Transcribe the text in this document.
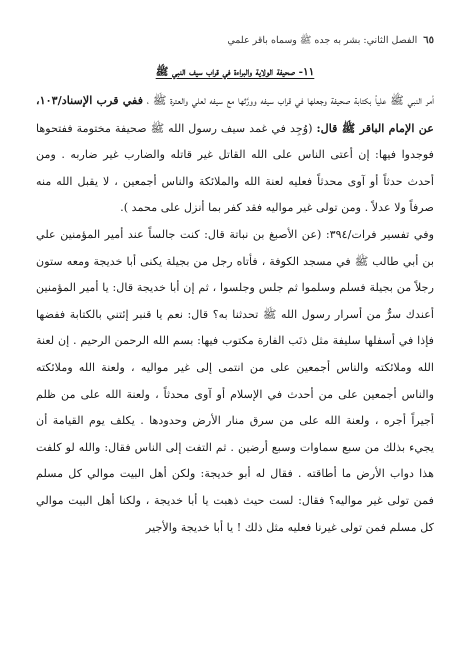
٦٥
الفصل الثاني: بشر به جده ﷺ وسماه باقر علمي
١١- صحيفة الولاية والبراءة في قراب سيف النبي ﷺ

أمر النبي ﷺ علياً بكتابة صحيفة وجعلها في قراب سيفه وورَّثها مع سيفه لعلي والعترة ﷺ ، ففي قرب الإسناد/١٠٣، عن الإمام الباقر ﷺ قال: (وُجِد في غمد سيف رسول الله ﷺ صحيفة مختومة ففتحوها فوجدوا فيها: إن أعتى الناس على الله القاتل غير قاتله والضارب غير ضاربه . ومن أحدث حدثاً أو آوى محدثاً فعليه لعنة الله والملائكة والناس أجمعين ، لا يقبل الله منه صرفاً ولا عدلاً . ومن تولى غير مواليه فقد كفر بما أنزل على محمد ).

وفي تفسير فرات/٣٩٤: (عن الأصبغ بن نباتة قال: كنت جالساً عند أمير المؤمنين علي بن أبي طالب ﷺ في مسجد الكوفة ، فأتاه رجل من بجيلة يكنى أبا خديجة ومعه ستون رجلاً من بجيلة فسلم وسلموا ثم جلس وجلسوا ، ثم إن أبا خديجة قال: يا أمير المؤمنين أعندك سرٌّ من أسرار رسول الله ﷺ تحدثنا به؟ قال: نعم يا قنبر إئتني بالكتابة ففضها فإذا في أسفلها سليفة مثل ذنَب الفارة مكتوب فيها: بسم الله الرحمن الرحيم . إن لعنة الله وملائكته والناس أجمعين على من انتمى إلى غير مواليه ، ولعنة الله وملائكته والناس أجمعين على من أحدث في الإسلام أو آوى محدثاً ، ولعنة الله على من ظلم أجيراً أجره ، ولعنة الله على من سرق منار الأرض وحدودها . يكلف يوم القيامة أن يجيء بذلك من سبع سماوات وسبع أرضين . ثم التفت إلى الناس فقال: والله لو كلفت هذا دواب الأرض ما أطاقته . فقال له أبو خديجة: ولكن أهل البيت موالي كل مسلم فمن تولى غير مواليه؟ فقال: لست حيث ذهبت يا أبا خديجة ، ولكنا أهل البيت موالي كل مسلم فمن تولى غيرنا فعليه مثل ذلك ! يا أبا خديجة والأجير
